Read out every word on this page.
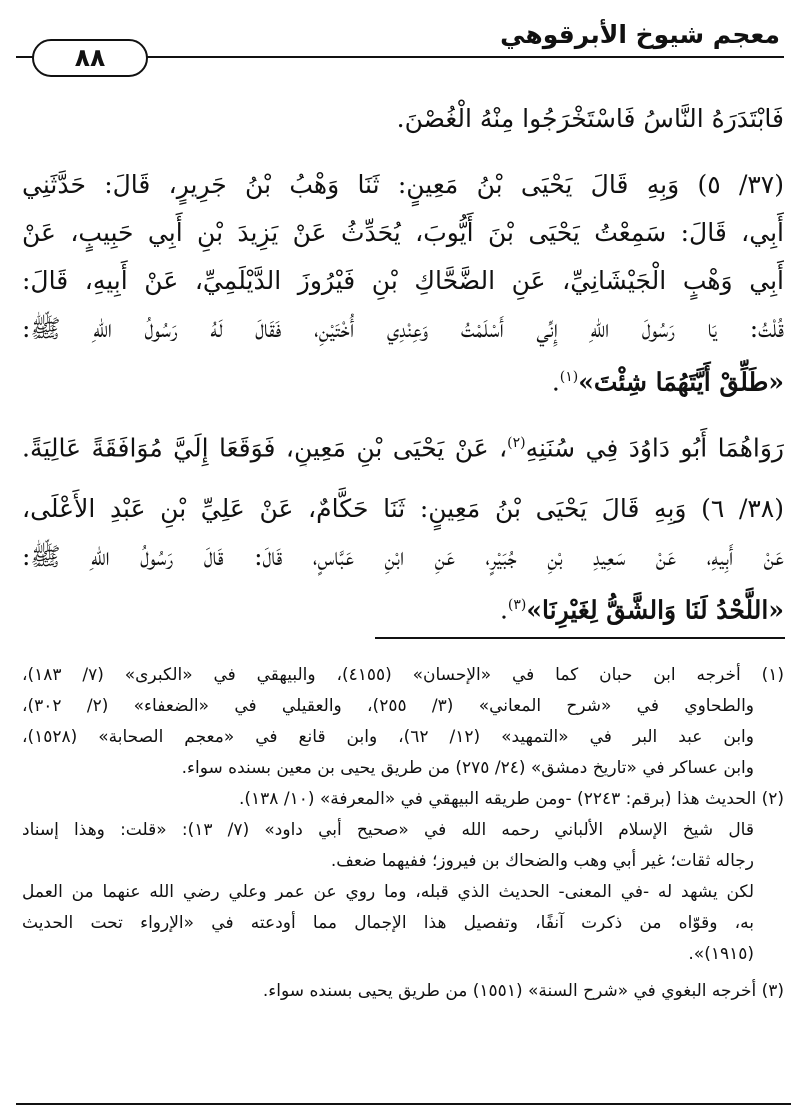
معجم شيوخ الأبرقوهي
٨٨
فَابْتَدَرَهُ النَّاسُ فَاسْتَخْرَجُوا مِنْهُ الْغُصْنَ.
(٣٧/ ٥) وَبِهِ قَالَ يَحْيَى بْنُ مَعِينٍ: ثَنَا وَهْبُ بْنُ جَرِيرٍ، قَالَ: حَدَّثَنِي
أَبِي، قَالَ: سَمِعْتُ يَحْيَى بْنَ أَيُّوبَ، يُحَدِّثُ عَنْ يَزِيدَ بْنِ أَبِي حَبِيبٍ، عَنْ
أَبِي وَهْبٍ الْجَيْشَانِيِّ، عَنِ الضَّحَّاكِ بْنِ فَيْرُوزَ الدَّيْلَمِيِّ، عَنْ أَبِيهِ، قَالَ:
قُلْتُ: يَا رَسُولَ اللهِ إِنِّي أَسْلَمْتُ وَعِنْدِي أُخْتَيْنِ، فَقَالَ لَهُ رَسُولُ اللهِ ﷺ:
«طَلِّقْ أَيَّتَهُمَا شِئْتَ»$^{(١)}$.
رَوَاهُمَا أَبُو دَاوُدَ فِي سُنَنِهِ$^{(٢)}$، عَنْ يَحْيَى بْنِ مَعِينٍ، فَوَقَعَا إِلَيَّ مُوَافَقَةً عَالِيَةً.
(٣٨/ ٦) وَبِهِ قَالَ يَحْيَى بْنُ مَعِينٍ: ثَنَا حَكَّامٌ، عَنْ عَلِيِّ بْنِ عَبْدِ الأَعْلَى،
عَنْ أَبِيهِ، عَنْ سَعِيدِ بْنِ جُبَيْرٍ، عَنِ ابْنِ عَبَّاسٍ، قَالَ: قَالَ رَسُولُ اللهِ ﷺ:
«اللَّحْدُ لَنَا وَالشَّقُّ لِغَيْرِنَا»$^{(٣)}$.
(١) أخرجه ابن حبان كما في «الإحسان» (٤١٥٥)، والبيهقي في «الكبرى» (٧/ ١٨٣)،
والطحاوي في «شرح المعاني» (٣/ ٢٥٥)، والعقيلي في «الضعفاء» (٢/ ٣٠٢)،
وابن عبد البر في «التمهيد» (١٢/ ٦٢)، وابن قانع في «معجم الصحابة» (١٥٢٨)،
وابن عساكر في «تاريخ دمشق» (٢٤/ ٢٧٥) من طريق يحيى بن معين بسنده سواء.
(٢) الحديث هذا (برقم: ٢٢٤٣) -ومن طريقه البيهقي في «المعرفة» (١٠/ ١٣٨).
قال شيخ الإسلام الألباني رحمه الله في «صحيح أبي داود» (٧/ ١٣): «قلت: وهذا إسناد
رجاله ثقات؛ غير أبي وهب والضحاك بن فيروز؛ ففيهما ضعف.
لكن يشهد له -في المعنى- الحديث الذي قبله، وما روي عن عمر وعلي رضي الله عنهما من العمل
به، وقوّاه من ذكرت آنفًا، وتفصيل هذا الإجمال مما أودعته في «الإرواء تحت الحديث
(١٩١٥)».
(٣) أخرجه البغوي في «شرح السنة» (١٥٥١) من طريق يحيى بسنده سواء.
